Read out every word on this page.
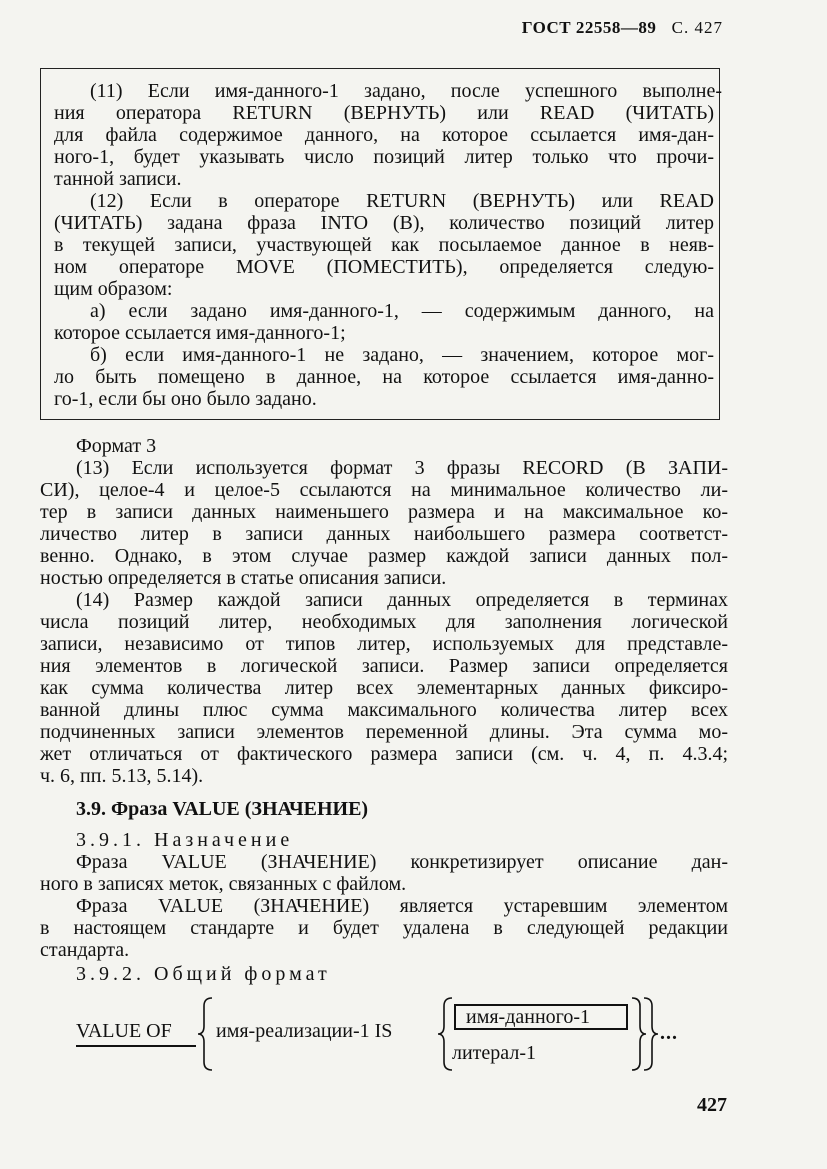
ГОСТ 22558—89 С. 427
(11) Если имя-данного-1 задано, после успешного выполне-
ния оператора RETURN (ВЕРНУТЬ) или READ (ЧИТАТЬ)
для файла содержимое данного, на которое ссылается имя-дан-
ного-1, будет указывать число позиций литер только что прочи-
танной записи.
(12) Если в операторе RETURN (ВЕРНУТЬ) или READ
(ЧИТАТЬ) задана фраза INTO (В), количество позиций литер
в текущей записи, участвующей как посылаемое данное в неяв-
ном операторе MOVE (ПОМЕСТИТЬ), определяется следую-
щим образом:
а) если задано имя-данного-1, — содержимым данного, на
которое ссылается имя-данного-1;
б) если имя-данного-1 не задано, — значением, которое мог-
ло быть помещено в данное, на которое ссылается имя-данно-
го-1, если бы оно было задано.
Формат 3
(13) Если используется формат 3 фразы RECORD (В ЗАПИ-
СИ), целое-4 и целое-5 ссылаются на минимальное количество ли-
тер в записи данных наименьшего размера и на максимальное ко-
личество литер в записи данных наибольшего размера соответст-
венно. Однако, в этом случае размер каждой записи данных пол-
ностью определяется в статье описания записи.
(14) Размер каждой записи данных определяется в терминах
числа позиций литер, необходимых для заполнения логической
записи, независимо от типов литер, используемых для представле-
ния элементов в логической записи. Размер записи определяется
как сумма количества литер всех элементарных данных фиксиро-
ванной длины плюс сумма максимального количества литер всех
подчиненных записи элементов переменной длины. Эта сумма мо-
жет отличаться от фактического размера записи (см. ч. 4, п. 4.3.4;
ч. 6, пп. 5.13, 5.14).
3.9. Фраза VALUE (ЗНАЧЕНИЕ)
3.9.1. Назначение
Фраза VALUE (ЗНАЧЕНИЕ) конкретизирует описание дан-
ного в записях меток, связанных с файлом.
Фраза VALUE (ЗНАЧЕНИЕ) является устаревшим элементом
в настоящем стандарте и будет удалена в следующей редакции
стандарта.
3.9.2. Общий формат
VALUE OF имя-реализации-1 IS
имя-данного-1
литерал-1
...
427
